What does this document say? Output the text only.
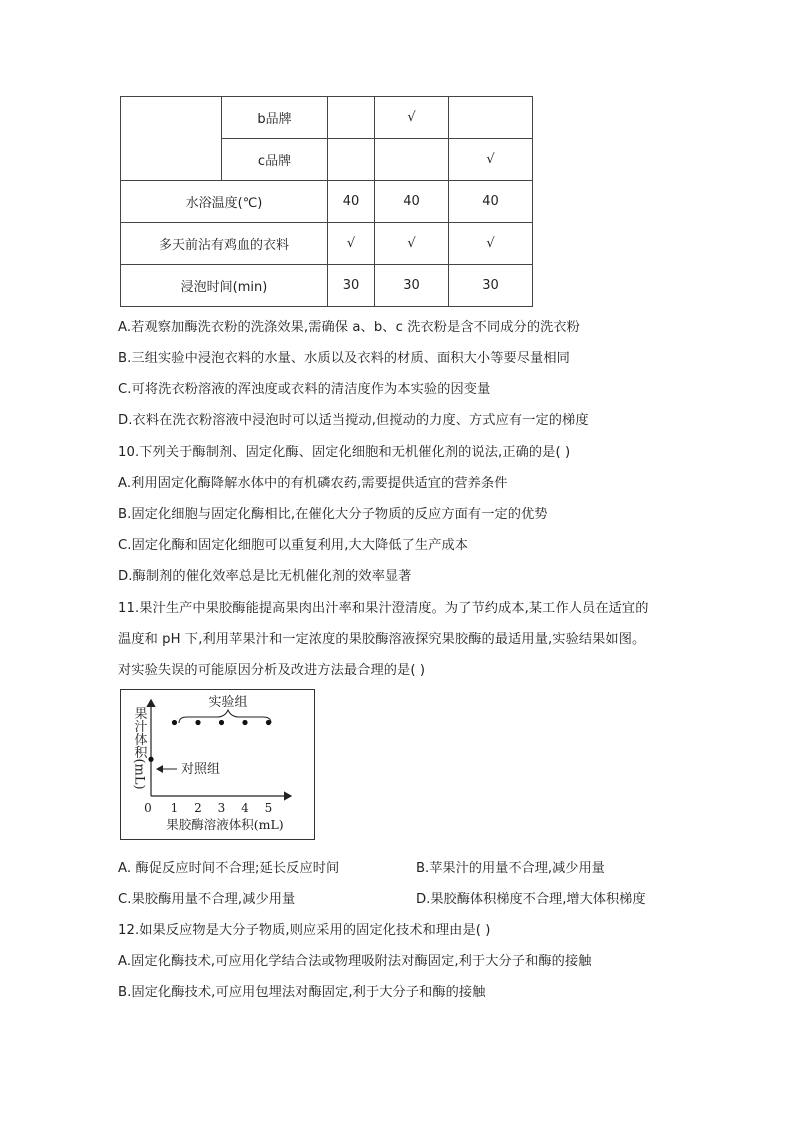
	b品牌		√	
	c品牌			√
水浴温度(℃)		40	40	40
多天前沾有鸡血的衣料		√	√	√
浸泡时间(min)		30	30	30
A.若观察加酶洗衣粉的洗涤效果,需确保 a、b、c 洗衣粉是含不同成分的洗衣粉
B.三组实验中浸泡衣料的水量、水质以及衣料的材质、面积大小等要尽量相同
C.可将洗衣粉溶液的浑浊度或衣料的清洁度作为本实验的因变量
D.衣料在洗衣粉溶液中浸泡时可以适当搅动,但搅动的力度、方式应有一定的梯度
10.下列关于酶制剂、固定化酶、固定化细胞和无机催化剂的说法,正确的是( )
A.利用固定化酶降解水体中的有机磷农药,需要提供适宜的营养条件
B.固定化细胞与固定化酶相比,在催化大分子物质的反应方面有一定的优势
C.固定化酶和固定化细胞可以重复利用,大大降低了生产成本
D.酶制剂的催化效率总是比无机催化剂的效率显著
11.果汁生产中果胶酶能提高果肉出汁率和果汁澄清度。为了节约成本,某工作人员在适宜的
温度和 pH 下,利用苹果汁和一定浓度的果胶酶溶液探究果胶酶的最适用量,实验结果如图。
对实验失误的可能原因分析及改进方法最合理的是( )
果汁体积(mL)
0 1 2 3 4 5
果胶酶溶液体积(mL)
实验组
对照组
A. 酶促反应时间不合理;延长反应时间	B.苹果汁的用量不合理,减少用量
C.果胶酶用量不合理,减少用量	D.果胶酶体积梯度不合理,增大体积梯度
12.如果反应物是大分子物质,则应采用的固定化技术和理由是( )
A.固定化酶技术,可应用化学结合法或物理吸附法对酶固定,利于大分子和酶的接触
B.固定化酶技术,可应用包埋法对酶固定,利于大分子和酶的接触
